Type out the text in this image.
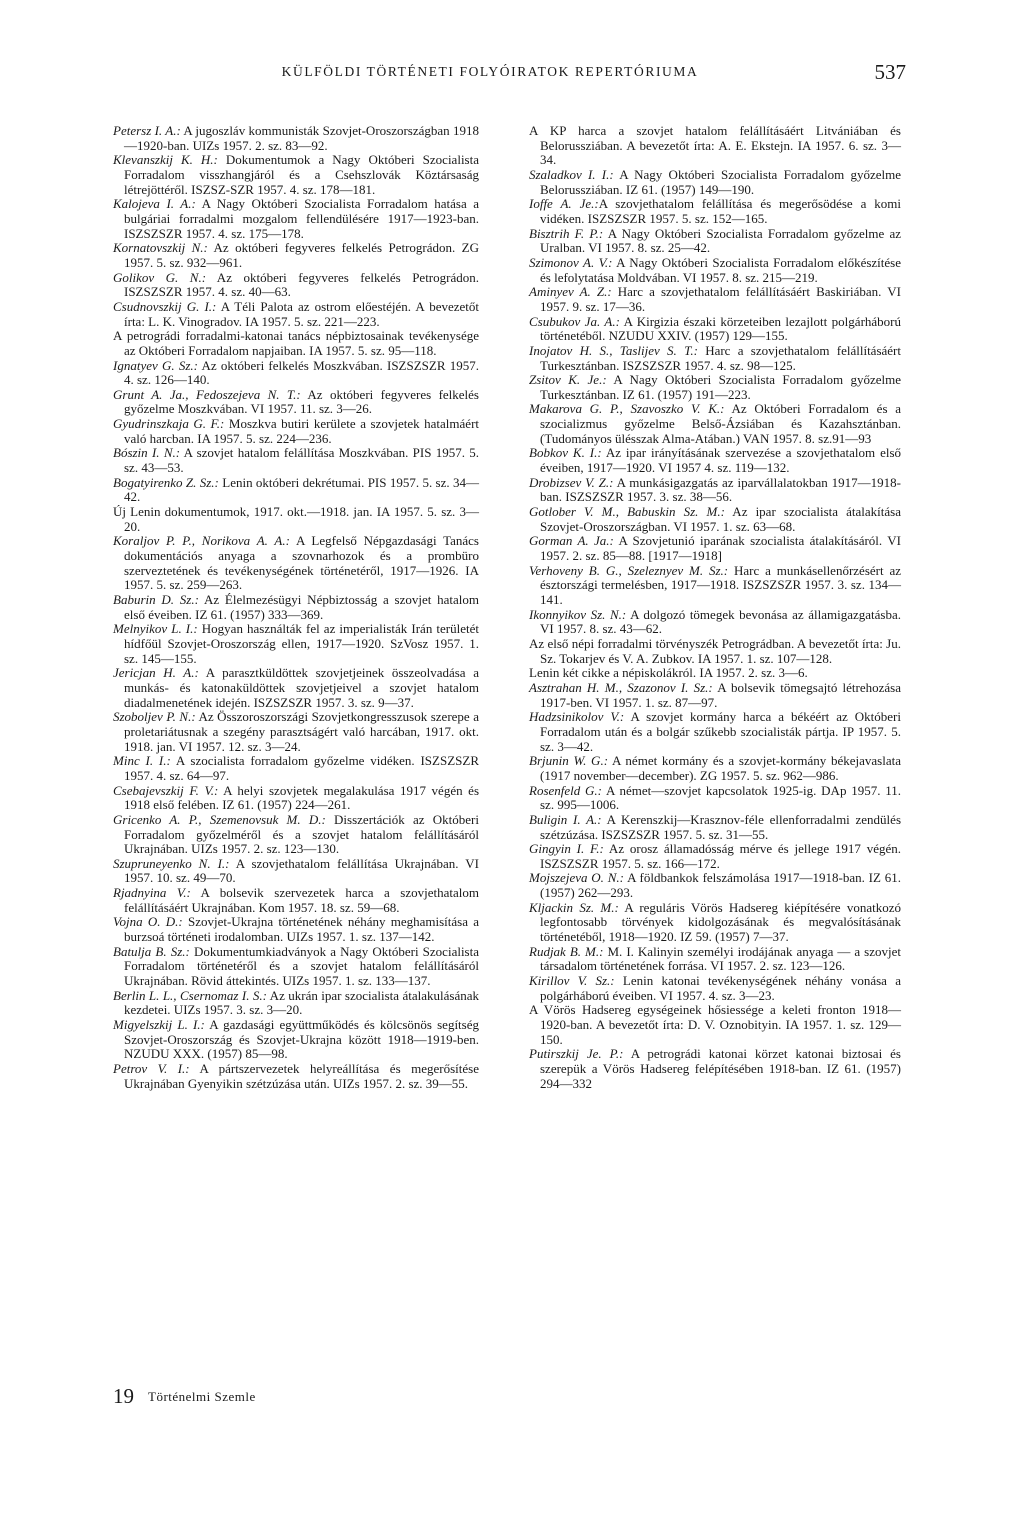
KÜLFÖLDI TÖRTÉNETI FOLYÓIRATOK REPERTÓRIUMA	537

Petersz I. A.: A jugoszláv kommunisták Szovjet-Oroszországban 1918—1920-ban. UIZs 1957. 2. sz. 83—92.

Klevanszkij K. H.: Dokumentumok a Nagy Októberi Szocialista Forradalom visszhangjáról és a Csehszlovák Köztársaság létrejöttéről. ISZSZ-SZR 1957. 4. sz. 178—181.

Kalojeva I. A.: A Nagy Októberi Szocialista Forradalom hatása a bulgáriai forradalmi mozgalom fellendülésére 1917—1923-ban. ISZSZSZR 1957. 4. sz. 175—178.

Kornatovszkij N.: Az októberi fegyveres felkelés Petrográdon. ZG 1957. 5. sz. 932—961.

Golikov G. N.: Az októberi fegyveres felkelés Petrográdon. ISZSZSZR 1957. 4. sz. 40—63.

Csudnovszkij G. I.: A Téli Palota az ostrom előestéjén. A bevezetőt írta: L. K. Vinogradov. IA 1957. 5. sz. 221—223.

A petrográdi forradalmi-katonai tanács népbiztosainak tevékenysége az Októberi Forradalom napjaiban. IA 1957. 5. sz. 95—118.

Ignatyev G. Sz.: Az októberi felkelés Moszkvában. ISZSZSZR 1957. 4. sz. 126—140.

Grunt A. Ja., Fedoszejeva N. T.: Az októberi fegyveres felkelés győzelme Moszkvában. VI 1957. 11. sz. 3—26.

Gyudrinszkaja G. F.: Moszkva butiri kerülete a szovjetek hatalmáért való harcban. IA 1957. 5. sz. 224—236.

Bószin I. N.: A szovjet hatalom felállítása Moszkvában. PIS 1957. 5. sz. 43—53.

Bogatyirenko Z. Sz.: Lenin októberi dekrétumai. PIS 1957. 5. sz. 34—42.

Új Lenin dokumentumok, 1917. okt.—1918. jan. IA 1957. 5. sz. 3—20.

Koraljov P. P., Norikova A. A.: A Legfelső Népgazdasági Tanács dokumentációs anyaga a szovnarhozok és a prombüro szerveztetének és tevékenységének történetéről, 1917—1926. IA 1957. 5. sz. 259—263.

Baburin D. Sz.: Az Élelmezésügyi Népbiztosság a szovjet hatalom első éveiben. IZ 61. (1957) 333—369.

Melnyikov L. I.: Hogyan használták fel az imperialisták Irán területét hídfőül Szovjet-Oroszország ellen, 1917—1920. SzVosz 1957. 1. sz. 145—155.

Jericjan H. A.: A parasztküldöttek szovjetjeinek összeolvadása a munkás- és katonaküldöttek szovjetjeivel a szovjet hatalom diadalmenetének idején. ISZSZSZR 1957. 3. sz. 9—37.

Szoboljev P. N.: Az Összoroszországi Szovjetkongresszusok szerepe a proletariátusnak a szegény parasztságért való harcában, 1917. okt. 1918. jan. VI 1957. 12. sz. 3—24.

Minc I. I.: A szocialista forradalom győzelme vidéken. ISZSZSZR 1957. 4. sz. 64—97.

Csebajevszkij F. V.: A helyi szovjetek megalakulása 1917 végén és 1918 első felében. IZ 61. (1957) 224—261.

Gricenko A. P., Szemenovsuk M. D.: Disszertációk az Októberi Forradalom győzelméről és a szovjet hatalom felállításáról Ukrajnában. UIZs 1957. 2. sz. 123—130.

Szupruneyenko N. I.: A szovjethatalom felállítása Ukrajnában. VI 1957. 10. sz. 49—70.

Rjadnyina V.: A bolsevik szervezetek harca a szovjethatalom felállításáért Ukrajnában. Kom 1957. 18. sz. 59—68.

Vojna O. D.: Szovjet-Ukrajna történetének néhány meghamisítása a burzsoá történeti irodalomban. UIZs 1957. 1. sz. 137—142.

Batulja B. Sz.: Dokumentumkiadványok a Nagy Októberi Szocialista Forradalom történetéről és a szovjet hatalom felállításáról Ukrajnában. Rövid áttekintés. UIZs 1957. 1. sz. 133—137.

Berlin L. L., Csernomaz I. S.: Az ukrán ipar szocialista átalakulásának kezdetei. UIZs 1957. 3. sz. 3—20.

Migyelszkij L. I.: A gazdasági együttműködés és kölcsönös segítség Szovjet-Oroszország és Szovjet-Ukrajna között 1918—1919-ben. NZUDU XXX. (1957) 85—98.

Petrov V. I.: A pártszervezetek helyreállítása és megerősítése Ukrajnában Gyenyikin szétzúzása után. UIZs 1957. 2. sz. 39—55.

A KP harca a szovjet hatalom felállításáért Litvániában és Belorussziában. A bevezetőt írta: A. E. Ekstejn. IA 1957. 6. sz. 3—34.

Szaladkov I. I.: A Nagy Októberi Szocialista Forradalom győzelme Belorussziában. IZ 61. (1957) 149—190.

Ioffe A. Je.:A szovjethatalom felállítása és megerősödése a komi vidéken. ISZSZSZR 1957. 5. sz. 152—165.

Bisztrih F. P.: A Nagy Októberi Szocialista Forradalom győzelme az Uralban. VI 1957. 8. sz. 25—42.

Szimonov A. V.: A Nagy Októberi Szocialista Forradalom előkészítése és lefolytatása Moldvában. VI 1957. 8. sz. 215—219.

Aminyev A. Z.: Harc a szovjethatalom felállításáért Baskiriában. VI 1957. 9. sz. 17—36.

Csubukov Ja. A.: A Kirgizia északi körzeteiben lezajlott polgárháború történetéből. NZUDU XXIV. (1957) 129—155.

Inojatov H. S., Taslijev S. T.: Harc a szovjethatalom felállításáért Turkesztánban. ISZSZSZR 1957. 4. sz. 98—125.

Zsitov K. Je.: A Nagy Októberi Szocialista Forradalom győzelme Turkesztánban. IZ 61. (1957) 191—223.

Makarova G. P., Szavoszko V. K.: Az Októberi Forradalom és a szocializmus győzelme Belső-Ázsiában és Kazahsztánban. (Tudományos ülésszak Alma-Atában.) VAN 1957. 8. sz.91—93

Bobkov K. I.: Az ipar irányításának szervezése a szovjethatalom első éveiben, 1917—1920. VI 1957 4. sz. 119—132.

Drobizsev V. Z.: A munkásigazgatás az iparvállalatokban 1917—1918-ban. ISZSZSZR 1957. 3. sz. 38—56.

Gotlober V. M., Babuskin Sz. M.: Az ipar szocialista átalakítása Szovjet-Oroszországban. VI 1957. 1. sz. 63—68.

Gorman A. Ja.: A Szovjetunió iparának szocialista átalakításáról. VI 1957. 2. sz. 85—88. [1917—1918]

Verhoveny B. G., Szeleznyev M. Sz.: Harc a munkásellenőrzésért az észtországi termelésben, 1917—1918. ISZSZSZR 1957. 3. sz. 134—141.

Ikonnyikov Sz. N.: A dolgozó tömegek bevonása az államigazgatásba. VI 1957. 8. sz. 43—62.

Az első népi forradalmi törvényszék Petrográdban. A bevezetőt írta: Ju. Sz. Tokarjev és V. A. Zubkov. IA 1957. 1. sz. 107—128.

Lenin két cikke a népiskolákról. IA 1957. 2. sz. 3—6.

Asztrahan H. M., Szazonov I. Sz.: A bolsevik tömegsajtó létrehozása 1917-ben. VI 1957. 1. sz. 87—97.

Hadzsinikolov V.: A szovjet kormány harca a békéért az Októberi Forradalom után és a bolgár szűkebb szocialisták pártja. IP 1957. 5. sz. 3—42.

Brjunin W. G.: A német kormány és a szovjet-kormány békejavaslata (1917 november—december). ZG 1957. 5. sz. 962—986.

Rosenfeld G.: A német—szovjet kapcsolatok 1925-ig. DAp 1957. 11. sz. 995—1006.

Buligin I. A.: A Kerenszkij—Krasznov-féle ellenforradalmi zendülés szétzúzása. ISZSZSZR 1957. 5. sz. 31—55.

Gingyin I. F.: Az orosz államadósság mérve és jellege 1917 végén. ISZSZSZR 1957. 5. sz. 166—172.

Mojszejeva O. N.: A földbankok felszámolása 1917—1918-ban. IZ 61. (1957) 262—293.

Kljackin Sz. M.: A reguláris Vörös Hadsereg kiépítésére vonatkozó legfontosabb törvények kidolgozásának és megvalósításának történetéből, 1918—1920. IZ 59. (1957) 7—37.

Rudjak B. M.: M. I. Kalinyin személyi irodájának anyaga — a szovjet társadalom történetének forrása. VI 1957. 2. sz. 123—126.

Kirillov V. Sz.: Lenin katonai tevékenységének néhány vonása a polgárháború éveiben. VI 1957. 4. sz. 3—23.

A Vörös Hadsereg egységeinek hősiessége a keleti fronton 1918—1920-ban. A bevezetőt írta: D. V. Oznobityin. IA 1957. 1. sz. 129—150.

Putirszkij Je. P.: A petrográdi katonai körzet katonai biztosai és szerepük a Vörös Hadsereg felépítésében 1918-ban. IZ 61. (1957) 294—332

19 Történelmi Szemle
